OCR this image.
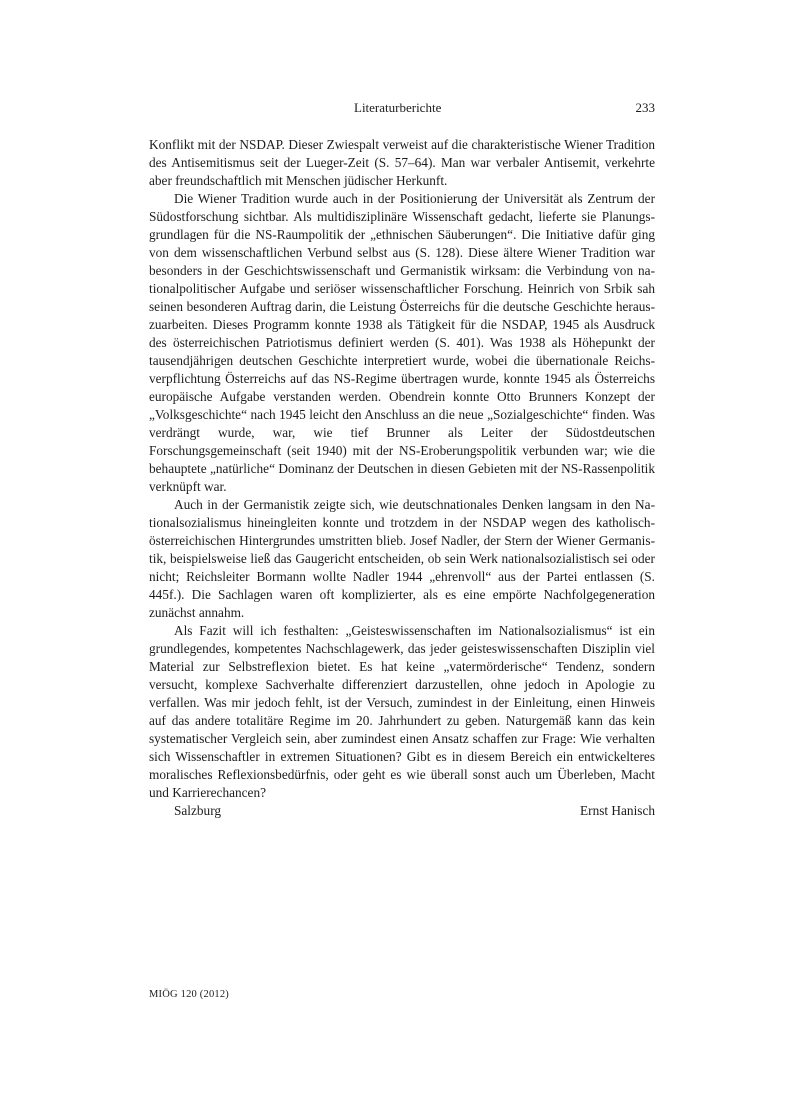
Literaturberichte	233

Konflikt mit der NSDAP. Dieser Zwiespalt verweist auf die charakteristische Wiener Tradition des Antisemitismus seit der Lueger-Zeit (S. 57–64). Man war verbaler Antisemit, verkehrte aber freundschaftlich mit Menschen jüdischer Herkunft.

Die Wiener Tradition wurde auch in der Positionierung der Universität als Zentrum der Südostforschung sichtbar. Als multidisziplinäre Wissenschaft gedacht, lieferte sie Planungsgrundlagen für die NS-Raumpolitik der „ethnischen Säuberungen“. Die Initiative dafür ging von dem wissenschaftlichen Verbund selbst aus (S. 128). Diese ältere Wiener Tradition war besonders in der Geschichtswissenschaft und Germanistik wirksam: die Verbindung von nationalpolitischer Aufgabe und seriöser wissenschaftlicher Forschung. Heinrich von Srbik sah seinen besonderen Auftrag darin, die Leistung Österreichs für die deutsche Geschichte herauszuarbeiten. Dieses Programm konnte 1938 als Tätigkeit für die NSDAP, 1945 als Ausdruck des österreichischen Patriotismus definiert werden (S. 401). Was 1938 als Höhepunkt der tausendjährigen deutschen Geschichte interpretiert wurde, wobei die übernationale Reichsverpflichtung Österreichs auf das NS-Regime übertragen wurde, konnte 1945 als Österreichs europäische Aufgabe verstanden werden. Obendrein konnte Otto Brunners Konzept der „Volksgeschichte“ nach 1945 leicht den Anschluss an die neue „Sozialgeschichte“ finden. Was verdrängt wurde, war, wie tief Brunner als Leiter der Südostdeutschen Forschungsgemeinschaft (seit 1940) mit der NS-Eroberungspolitik verbunden war; wie die behauptete „natürliche“ Dominanz der Deutschen in diesen Gebieten mit der NS-Rassenpolitik verknüpft war.

Auch in der Germanistik zeigte sich, wie deutschnationales Denken langsam in den Nationalsozialismus hineingleiten konnte und trotzdem in der NSDAP wegen des katholisch-österreichischen Hintergrundes umstritten blieb. Josef Nadler, der Stern der Wiener Germanistik, beispielsweise ließ das Gaugericht entscheiden, ob sein Werk nationalsozialistisch sei oder nicht; Reichsleiter Bormann wollte Nadler 1944 „ehrenvoll“ aus der Partei entlassen (S. 445f.). Die Sachlagen waren oft komplizierter, als es eine empörte Nachfolgegeneration zunächst annahm.

Als Fazit will ich festhalten: „Geisteswissenschaften im Nationalsozialismus“ ist ein grundlegendes, kompetentes Nachschlagewerk, das jeder geisteswissenschaften Disziplin viel Material zur Selbstreflexion bietet. Es hat keine „vatermörderische“ Tendenz, sondern versucht, komplexe Sachverhalte differenziert darzustellen, ohne jedoch in Apologie zu verfallen. Was mir jedoch fehlt, ist der Versuch, zumindest in der Einleitung, einen Hinweis auf das andere totalitäre Regime im 20. Jahrhundert zu geben. Naturgemäß kann das kein systematischer Vergleich sein, aber zumindest einen Ansatz schaffen zur Frage: Wie verhalten sich Wissenschaftler in extremen Situationen? Gibt es in diesem Bereich ein entwickelteres moralisches Reflexionsbedürfnis, oder geht es wie überall sonst auch um Überleben, Macht und Karrierechancen?

Salzburg	Ernst Hanisch
MIÖG 120 (2012)
